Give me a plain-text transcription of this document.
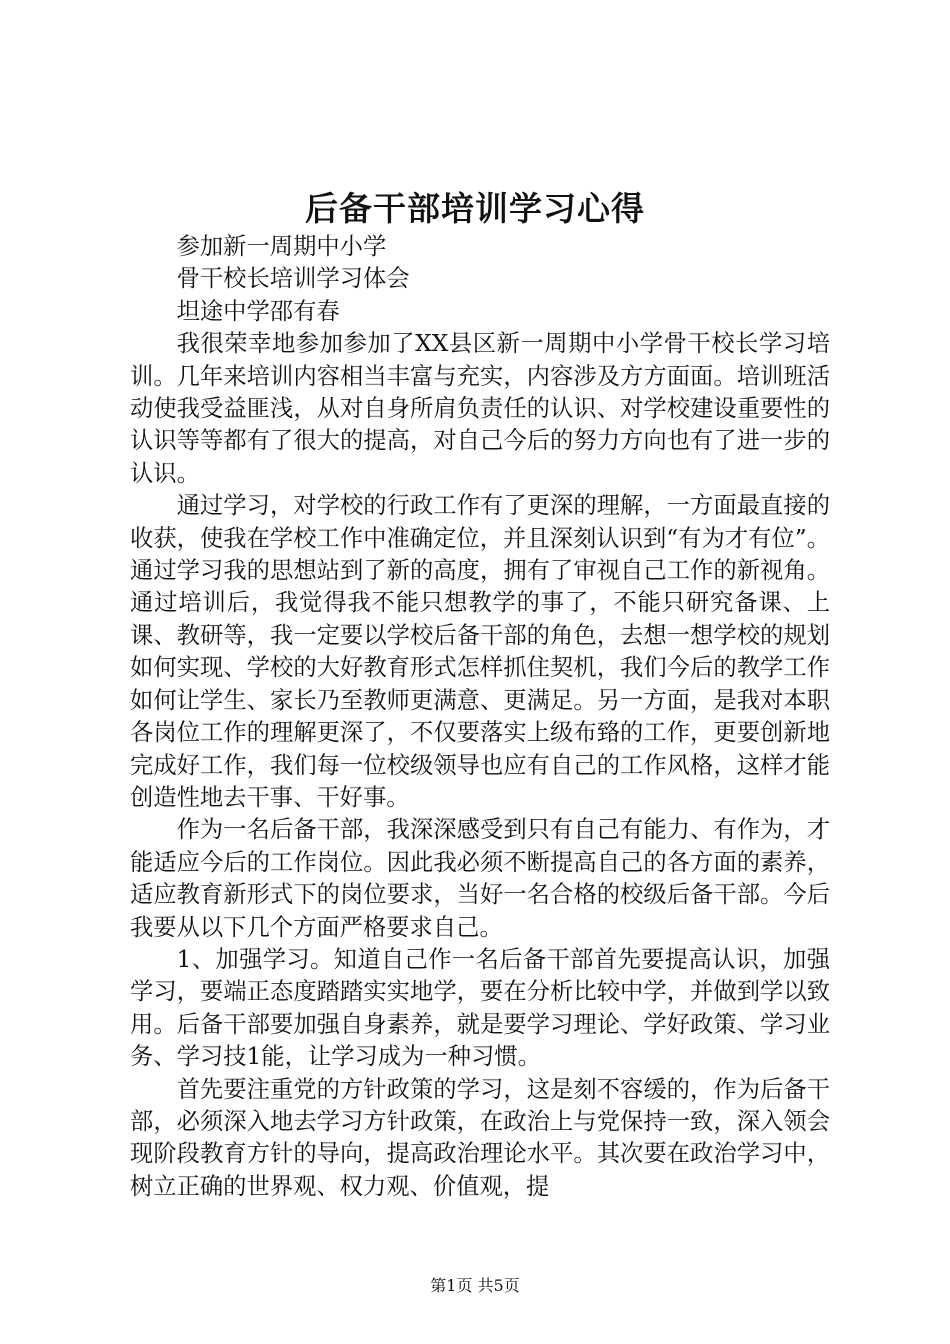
后备干部培训学习心得

参加新一周期中小学

骨干校长培训学习体会

坦途中学邵有春

我很荣幸地参加参加了XX县区新一周期中小学骨干校长学习培训。几年来培训内容相当丰富与充实，内容涉及方方面面。培训班活动使我受益匪浅，从对自身所肩负责任的认识、对学校建设重要性的认识等等都有了很大的提高，对自己今后的努力方向也有了进一步的认识。

通过学习，对学校的行政工作有了更深的理解，一方面最直接的收获，使我在学校工作中准确定位，并且深刻认识到“有为才有位”。通过学习我的思想站到了新的高度，拥有了审视自己工作的新视角。通过培训后，我觉得我不能只想教学的事了，不能只研究备课、上课、教研等，我一定要以学校后备干部的角色，去想一想学校的规划如何实现、学校的大好教育形式怎样抓住契机，我们今后的教学工作如何让学生、家长乃至教师更满意、更满足。另一方面，是我对本职各岗位工作的理解更深了，不仅要落实上级布臵的工作，更要创新地完成好工作，我们每一位校级领导也应有自己的工作风格，这样才能创造性地去干事、干好事。

作为一名后备干部，我深深感受到只有自己有能力、有作为，才能适应今后的工作岗位。因此我必须不断提高自己的各方面的素养，适应教育新形式下的岗位要求，当好一名合格的校级后备干部。今后我要从以下几个方面严格要求自己。

1、加强学习。知道自己作一名后备干部首先要提高认识，加强学习，要端正态度踏踏实实地学，要在分析比较中学，并做到学以致用。后备干部要加强自身素养，就是要学习理论、学好政策、学习业务、学习技1能，让学习成为一种习惯。

首先要注重党的方针政策的学习，这是刻不容缓的，作为后备干部，必须深入地去学习方针政策，在政治上与党保持一致，深入领会现阶段教育方针的导向，提高政治理论水平。其次要在政治学习中，树立正确的世界观、权力观、价值观，提

第1页 共5页
